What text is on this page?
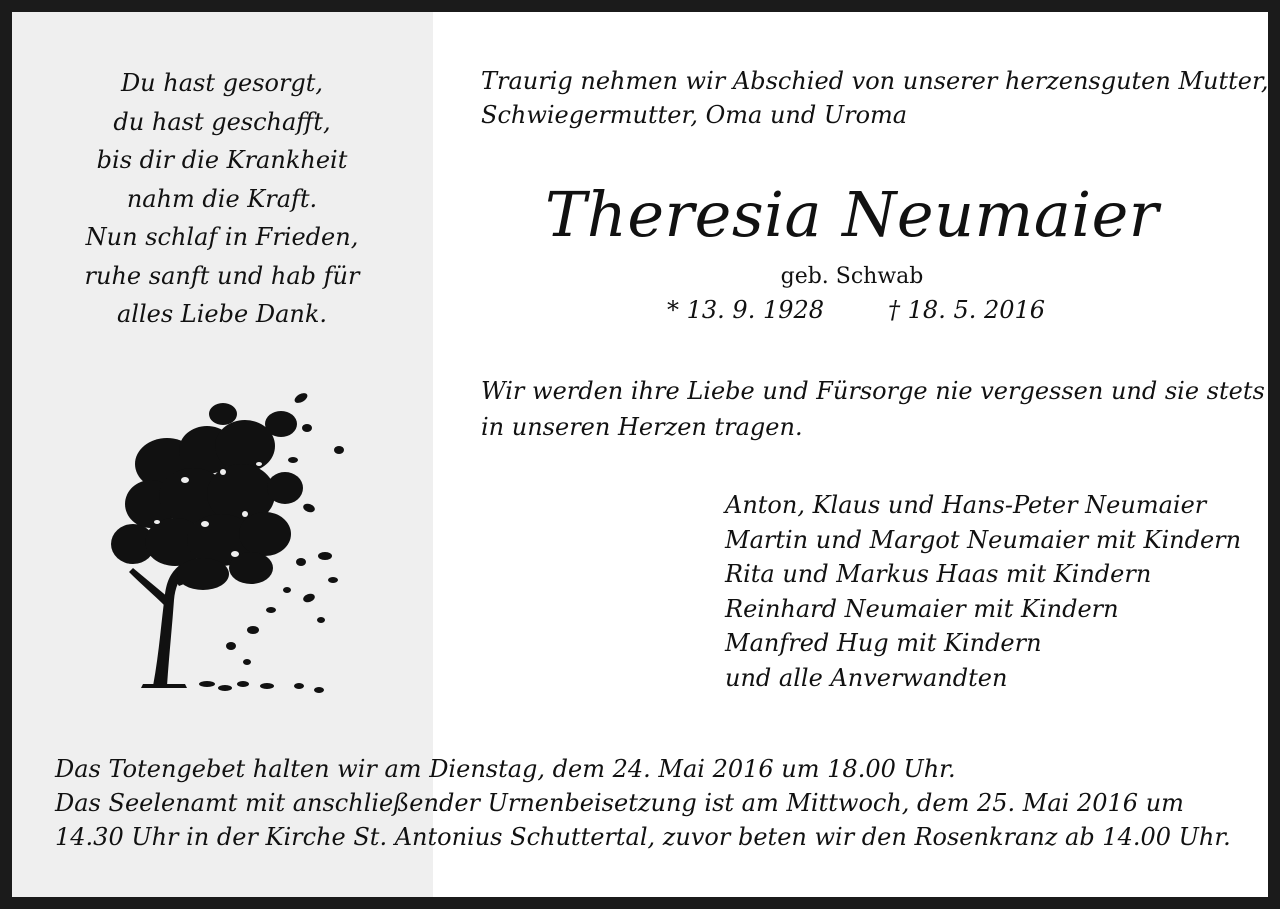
Du hast gesorgt,
du hast geschafft,
bis dir die Krankheit
nahm die Kraft.
Nun schlaf in Frieden,
ruhe sanft und hab für
alles Liebe Dank.
Traurig nehmen wir Abschied von unserer herzensguten Mutter,
Schwiegermutter, Oma und Uroma
Theresia Neumaier
geb. Schwab
* 13. 9. 1928	† 18. 5. 2016
Wir werden ihre Liebe und Fürsorge nie vergessen und sie stets
in unseren Herzen tragen.
Anton, Klaus und Hans-Peter Neumaier
Martin und Margot Neumaier mit Kindern
Rita und Markus Haas mit Kindern
Reinhard Neumaier mit Kindern
Manfred Hug mit Kindern
und alle Anverwandten
Das Totengebet halten wir am Dienstag, dem 24. Mai 2016 um 18.00 Uhr.
Das Seelenamt mit anschließender Urnenbeisetzung ist am Mittwoch, dem 25. Mai 2016 um
14.30 Uhr in der Kirche St. Antonius Schuttertal, zuvor beten wir den Rosenkranz ab 14.00 Uhr.
